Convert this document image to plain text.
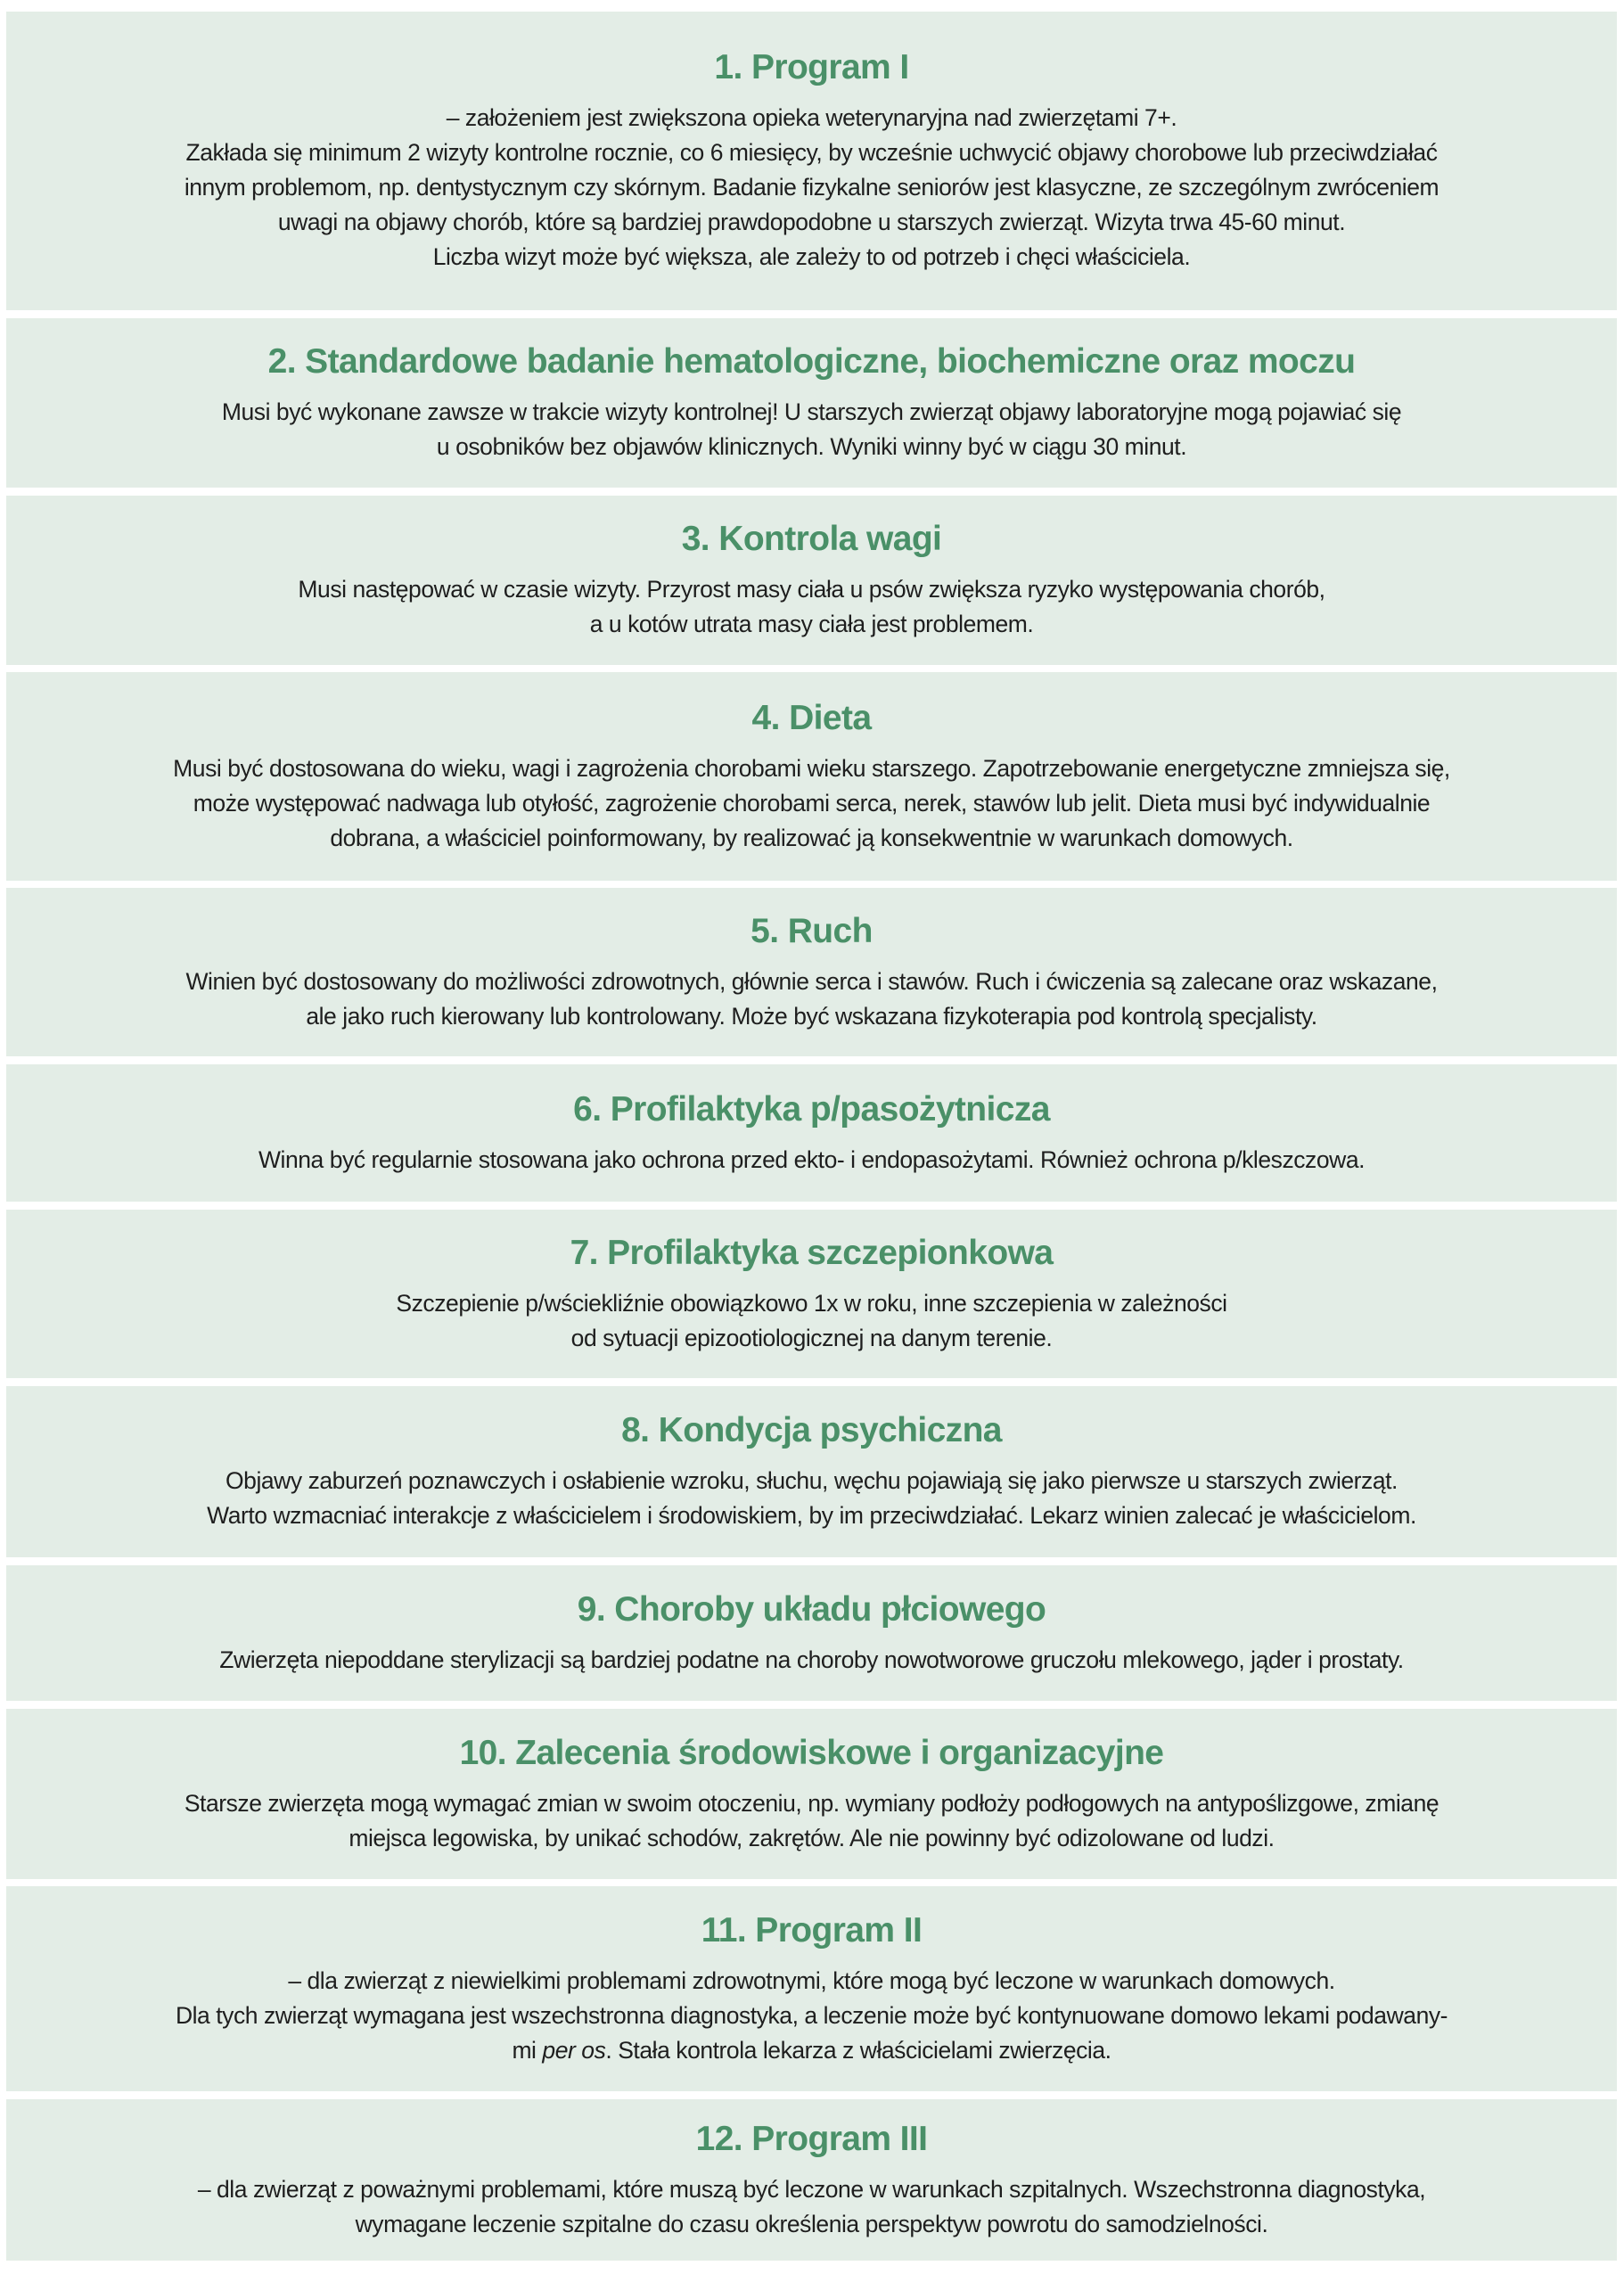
1. Program I

– założeniem jest zwiększona opieka weterynaryjna nad zwierzętami 7+.
Zakłada się minimum 2 wizyty kontrolne rocznie, co 6 miesięcy, by wcześnie uchwycić objawy chorobowe lub przeciwdziałać
innym problemom, np. dentystycznym czy skórnym. Badanie fizykalne seniorów jest klasyczne, ze szczególnym zwróceniem
uwagi na objawy chorób, które są bardziej prawdopodobne u starszych zwierząt. Wizyta trwa 45-60 minut.
Liczba wizyt może być większa, ale zależy to od potrzeb i chęci właściciela.

2. Standardowe badanie hematologiczne, biochemiczne oraz moczu

Musi być wykonane zawsze w trakcie wizyty kontrolnej! U starszych zwierząt objawy laboratoryjne mogą pojawiać się
u osobników bez objawów klinicznych. Wyniki winny być w ciągu 30 minut.

3. Kontrola wagi

Musi następować w czasie wizyty. Przyrost masy ciała u psów zwiększa ryzyko występowania chorób,
a u kotów utrata masy ciała jest problemem.

4. Dieta

Musi być dostosowana do wieku, wagi i zagrożenia chorobami wieku starszego. Zapotrzebowanie energetyczne zmniejsza się,
może występować nadwaga lub otyłość, zagrożenie chorobami serca, nerek, stawów lub jelit. Dieta musi być indywidualnie
dobrana, a właściciel poinformowany, by realizować ją konsekwentnie w warunkach domowych.

5. Ruch

Winien być dostosowany do możliwości zdrowotnych, głównie serca i stawów. Ruch i ćwiczenia są zalecane oraz wskazane,
ale jako ruch kierowany lub kontrolowany. Może być wskazana fizykoterapia pod kontrolą specjalisty.

6. Profilaktyka p/pasożytnicza

Winna być regularnie stosowana jako ochrona przed ekto- i endopasożytami. Również ochrona p/kleszczowa.

7. Profilaktyka szczepionkowa

Szczepienie p/wściekliźnie obowiązkowo 1x w roku, inne szczepienia w zależności
od sytuacji epizootiologicznej na danym terenie.

8. Kondycja psychiczna

Objawy zaburzeń poznawczych i osłabienie wzroku, słuchu, węchu pojawiają się jako pierwsze u starszych zwierząt.
Warto wzmacniać interakcje z właścicielem i środowiskiem, by im przeciwdziałać. Lekarz winien zalecać je właścicielom.

9. Choroby układu płciowego

Zwierzęta niepoddane sterylizacji są bardziej podatne na choroby nowotworowe gruczołu mlekowego, jąder i prostaty.

10. Zalecenia środowiskowe i organizacyjne

Starsze zwierzęta mogą wymagać zmian w swoim otoczeniu, np. wymiany podłoży podłogowych na antypoślizgowe, zmianę
miejsca legowiska, by unikać schodów, zakrętów. Ale nie powinny być odizolowane od ludzi.

11. Program II

– dla zwierząt z niewielkimi problemami zdrowotnymi, które mogą być leczone w warunkach domowych.
Dla tych zwierząt wymagana jest wszechstronna diagnostyka, a leczenie może być kontynuowane domowo lekami podawany-
mi per os. Stała kontrola lekarza z właścicielami zwierzęcia.

12. Program III

– dla zwierząt z poważnymi problemami, które muszą być leczone w warunkach szpitalnych. Wszechstronna diagnostyka,
wymagane leczenie szpitalne do czasu określenia perspektyw powrotu do samodzielności.
